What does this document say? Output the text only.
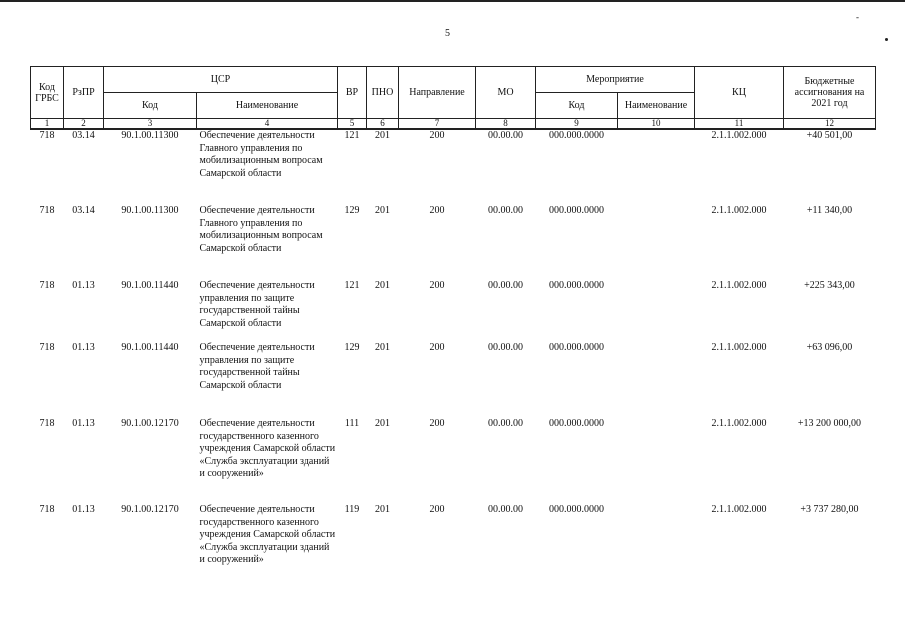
5
-
Код ГРБС	РзПР	ЦСР		ВР	ПНО	Направление	МО	Мероприятие		КЦ	Бюджетные ассигнования на 2021 год
		Код	Наименование					Код	Наименование		
1	2	3	4	5	6	7	8	9	10	11	12
718	03.14	90.1.00.11300	Обеспечение деятельности Главного управления по мобилизационным вопросам Самарской области	121	201	200	00.00.00	000.000.0000		2.1.1.002.000	+40 501,00
718	03.14	90.1.00.11300	Обеспечение деятельности Главного управления по мобилизационным вопросам Самарской области	129	201	200	00.00.00	000.000.0000		2.1.1.002.000	+11 340,00
718	01.13	90.1.00.11440	Обеспечение деятельности управления по защите государственной тайны Самарской области	121	201	200	00.00.00	000.000.0000		2.1.1.002.000	+225 343,00
718	01.13	90.1.00.11440	Обеспечение деятельности управления по защите государственной тайны Самарской области	129	201	200	00.00.00	000.000.0000		2.1.1.002.000	+63 096,00
718	01.13	90.1.00.12170	Обеспечение деятельности государственного казенного учреждения Самарской области «Служба эксплуатации зданий и сооружений»	111	201	200	00.00.00	000.000.0000		2.1.1.002.000	+13 200 000,00
718	01.13	90.1.00.12170	Обеспечение деятельности государственного казенного учреждения Самарской области «Служба эксплуатации зданий и сооружений»	119	201	200	00.00.00	000.000.0000		2.1.1.002.000	+3 737 280,00
